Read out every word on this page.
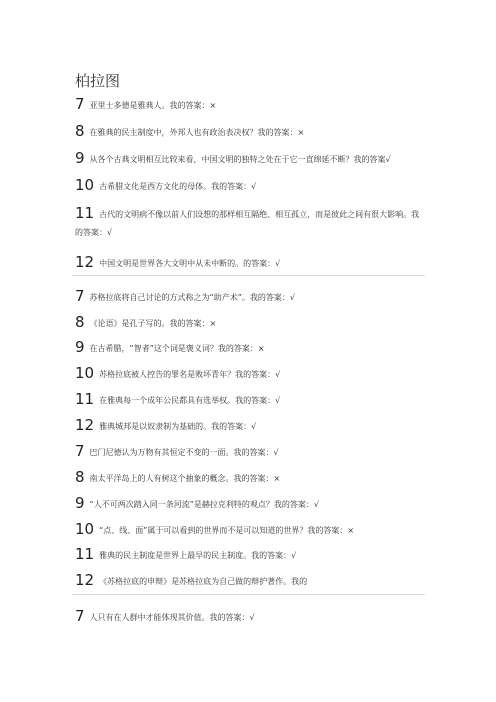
柏拉图
7 亚里士多德是雅典人。我的答案：×
8 在雅典的民主制度中，外邦人也有政治表决权？我的答案：×
9 从各个古典文明相互比较来看，中国文明的独特之处在于它一直绵延不断？我的答案√
10 古希腊文化是西方文化的母体。我的答案：√
11 古代的文明病不像以前人们设想的那样相互隔绝、相互孤立，而是彼此之间有很大影响。我的答案：√
12 中国文明是世界各大文明中从未中断的。的答案：√
7 苏格拉底将自己讨论的方式称之为“助产术”。我的答案：√
8 《论语》是孔子写的。我的答案：×
9 在古希腊，“智者”这个词是褒义词？我的答案：×
10 苏格拉底被人控告的罪名是败坏青年？我的答案：√
11 在雅典每一个成年公民都具有选举权。我的答案：√
12 雅典城邦是以奴隶制为基础的。我的答案：√
7 巴门尼德认为万物有其恒定不变的一面。我的答案：√
8 南太平洋岛上的人有树这个抽象的概念。我的答案：×
9 “人不可两次踏入同一条河流”是赫拉克利特的观点？我的答案：√
10 “点、线、面”属于可以看到的世界而不是可以知道的世界？我的答案：×
11 雅典的民主制度是世界上最早的民主制度。我的答案：√
12 《苏格拉底的申辩》是苏格拉底为自己做的辩护著作。我的
7 人只有在人群中才能体现其价值。我的答案：√
